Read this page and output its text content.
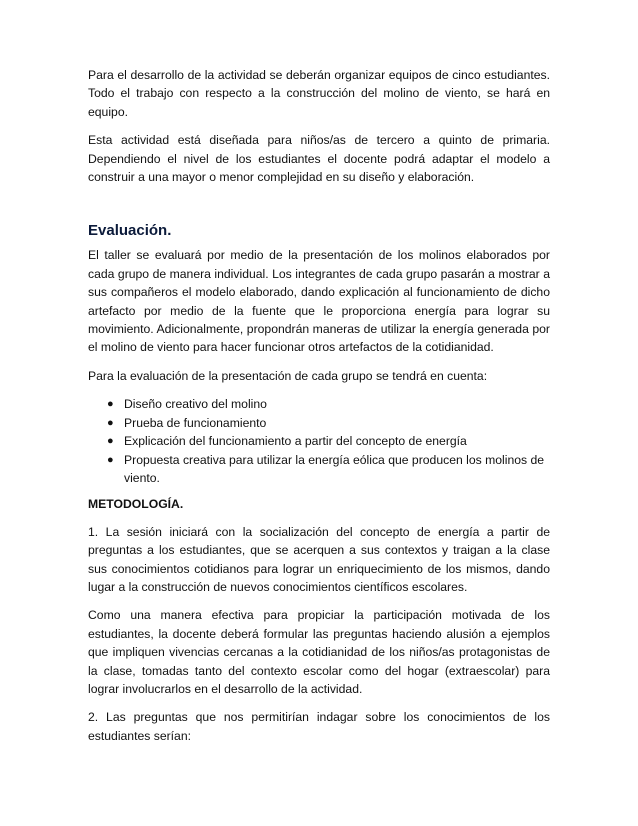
Para el desarrollo de la actividad se deberán organizar equipos de cinco estudiantes. Todo el trabajo con respecto a la construcción del molino de viento, se hará en equipo.

Esta actividad está diseñada para niños/as de tercero a quinto de primaria. Dependiendo el nivel de los estudiantes el docente podrá adaptar el modelo a construir a una mayor o menor complejidad en su diseño y elaboración.

Evaluación.

El taller se evaluará por medio de la presentación de los molinos elaborados por cada grupo de manera individual. Los integrantes de cada grupo pasarán a mostrar a sus compañeros el modelo elaborado, dando explicación al funcionamiento de dicho artefacto por medio de la fuente que le proporciona energía para lograr su movimiento. Adicionalmente, propondrán maneras de utilizar la energía generada por el molino de viento para hacer funcionar otros artefactos de la cotidianidad.

Para la evaluación de la presentación de cada grupo se tendrá en cuenta:

● Diseño creativo del molino
● Prueba de funcionamiento
● Explicación del funcionamiento a partir del concepto de energía
● Propuesta creativa para utilizar la energía eólica que producen los molinos de viento.

METODOLOGÍA.

1. La sesión iniciará con la socialización del concepto de energía a partir de preguntas a los estudiantes, que se acerquen a sus contextos y traigan a la clase sus conocimientos cotidianos para lograr un enriquecimiento de los mismos, dando lugar a la construcción de nuevos conocimientos científicos escolares.

Como una manera efectiva para propiciar la participación motivada de los estudiantes, la docente deberá formular las preguntas haciendo alusión a ejemplos que impliquen vivencias cercanas a la cotidianidad de los niños/as protagonistas de la clase, tomadas tanto del contexto escolar como del hogar (extraescolar) para lograr involucrarlos en el desarrollo de la actividad.

2. Las preguntas que nos permitirían indagar sobre los conocimientos de los estudiantes serían:
